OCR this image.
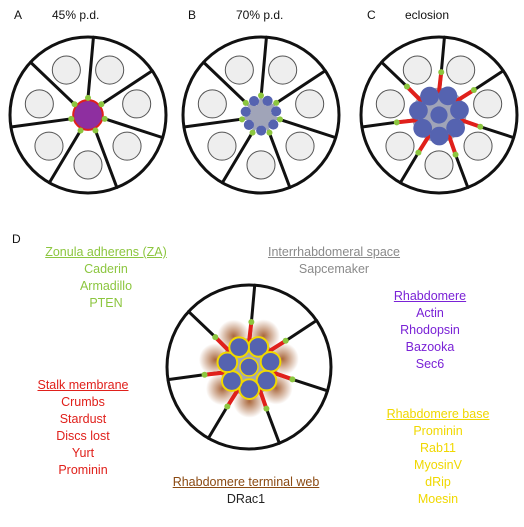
A 45% p.d.	B	70% p.d.	C eclosion
D
Zonula adherens (ZA)
Caderin
Armadillo
PTEN
Interrhabdomeral space
Sapcemaker
Rhabdomere
Actin
Rhodopsin
Bazooka
Sec6
Stalk membrane
Crumbs
Stardust
Discs lost
Yurt
Prominin
Rhabdomere base
Prominin
Rab11
MyosinV
dRip
Moesin
Rhabdomere terminal web
DRac1
